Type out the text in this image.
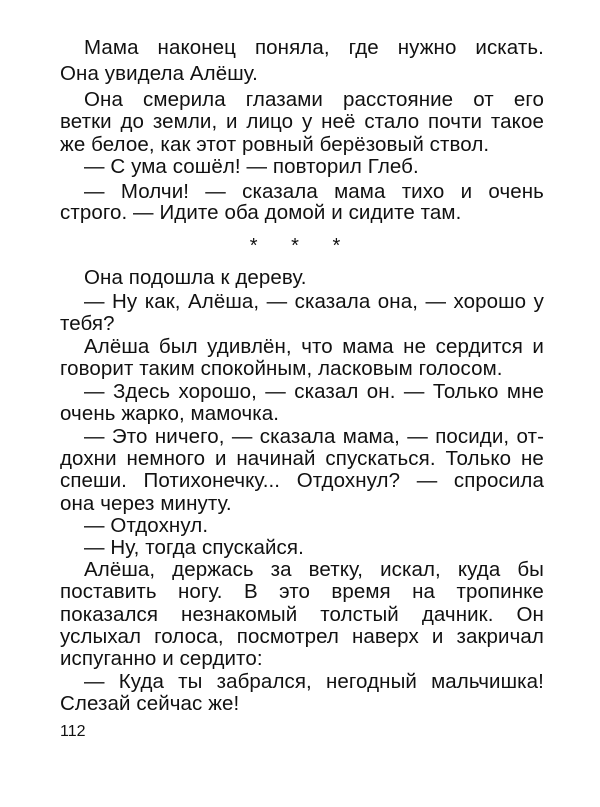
Мама наконец поняла, где нужно искать.
Она увидела Алёшу.
Она смерила глазами расстояние от его
ветки до земли, и лицо у неё стало почти такое
же белое, как этот ровный берёзовый ствол.
— С ума сошёл! — повторил Глеб.
— Молчи! — сказала мама тихо и очень
строго. — Идите оба домой и сидите там.
* * *
Она подошла к дереву.
— Ну как, Алёша, — сказала она, — хорошо у
тебя?
Алёша был удивлён, что мама не сердится и
говорит таким спокойным, ласковым голосом.
— Здесь хорошо, — сказал он. — Только мне
очень жарко, мамочка.
— Это ничего, — сказала мама, — посиди, от-
дохни немного и начинай спускаться. Только не
спеши. Потихонечку... Отдохнул? — спросила
она через минуту.
— Отдохнул.
— Ну, тогда спускайся.
Алёша, держась за ветку, искал, куда бы
поставить ногу. В это время на тропинке
показался незнакомый толстый дачник. Он
услыхал голоса, посмотрел наверх и закричал
испуганно и сердито:
— Куда ты забрался, негодный мальчишка!
Слезай сейчас же!
112
